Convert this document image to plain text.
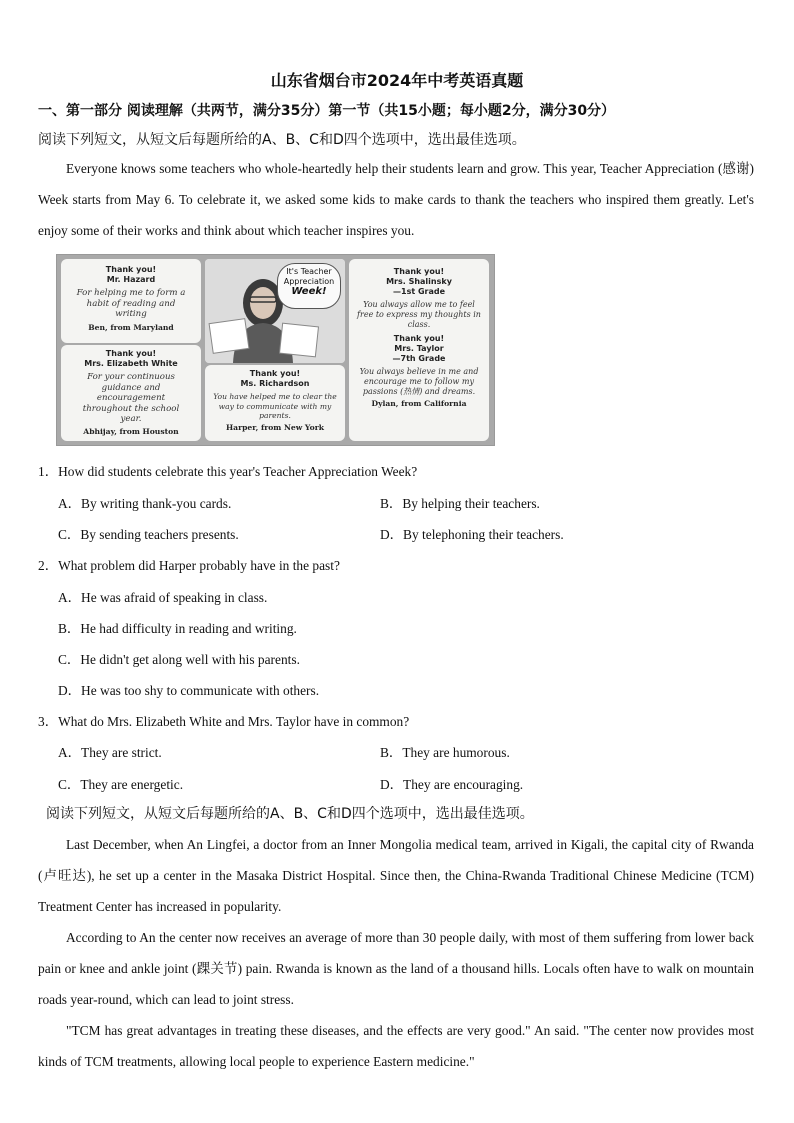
山东省烟台市2024年中考英语真题
一、第一部分 阅读理解（共两节，满分35分）第一节（共15小题；每小题2分，满分30分）
阅读下列短文，从短文后每题所给的A、B、C和D四个选项中，选出最佳选项。
Everyone knows some teachers who whole-heartedly help their students learn and grow. This year, Teacher Appreciation (感谢) Week starts from May 6. To celebrate it, we asked some kids to make cards to thank the teachers who inspired them greatly. Let's enjoy some of their works and think about which teacher inspires you.
Thank you!
Mr. Hazard
For helping me to form a habit of reading and writing
Ben, from Maryland
Thank you!
Mrs. Elizabeth White
For your continuous guidance and encouragement throughout the school year.
Abhijay, from Houston
It's Teacher Appreciation
Week!
Thank you!
Ms. Richardson
You have helped me to clear the way to communicate with my parents.
Harper, from New York
Thank you!
Mrs. Shalinsky
—1st Grade
You always allow me to feel free to express my thoughts in class.
Thank you!
Mrs. Taylor
—7th Grade
You always believe in me and encourage me to follow my passions (热情) and dreams.
Dylan, from California
1．How did students celebrate this year's Teacher Appreciation Week?
A．By writing thank-you cards.	B．By helping their teachers.
C．By sending teachers presents.	D．By telephoning their teachers.
2．What problem did Harper probably have in the past?
A．He was afraid of speaking in class.
B．He had difficulty in reading and writing.
C．He didn't get along well with his parents.
D．He was too shy to communicate with others.
3．What do Mrs. Elizabeth White and Mrs. Taylor have in common?
A．They are strict.	B．They are humorous.
C．They are energetic.	D．They are encouraging.
阅读下列短文，从短文后每题所给的A、B、C和D四个选项中，选出最佳选项。
Last December, when An Lingfei, a doctor from an Inner Mongolia medical team, arrived in Kigali, the capital city of Rwanda (卢旺达), he set up a center in the Masaka District Hospital. Since then, the China-Rwanda Traditional Chinese Medicine (TCM) Treatment Center has increased in popularity.
According to An the center now receives an average of more than 30 people daily, with most of them suffering from lower back pain or knee and ankle joint (踝关节) pain. Rwanda is known as the land of a thousand hills. Locals often have to walk on mountain roads year-round, which can lead to joint stress.
"TCM has great advantages in treating these diseases, and the effects are very good." An said. "The center now provides most kinds of TCM treatments, allowing local people to experience Eastern medicine."
